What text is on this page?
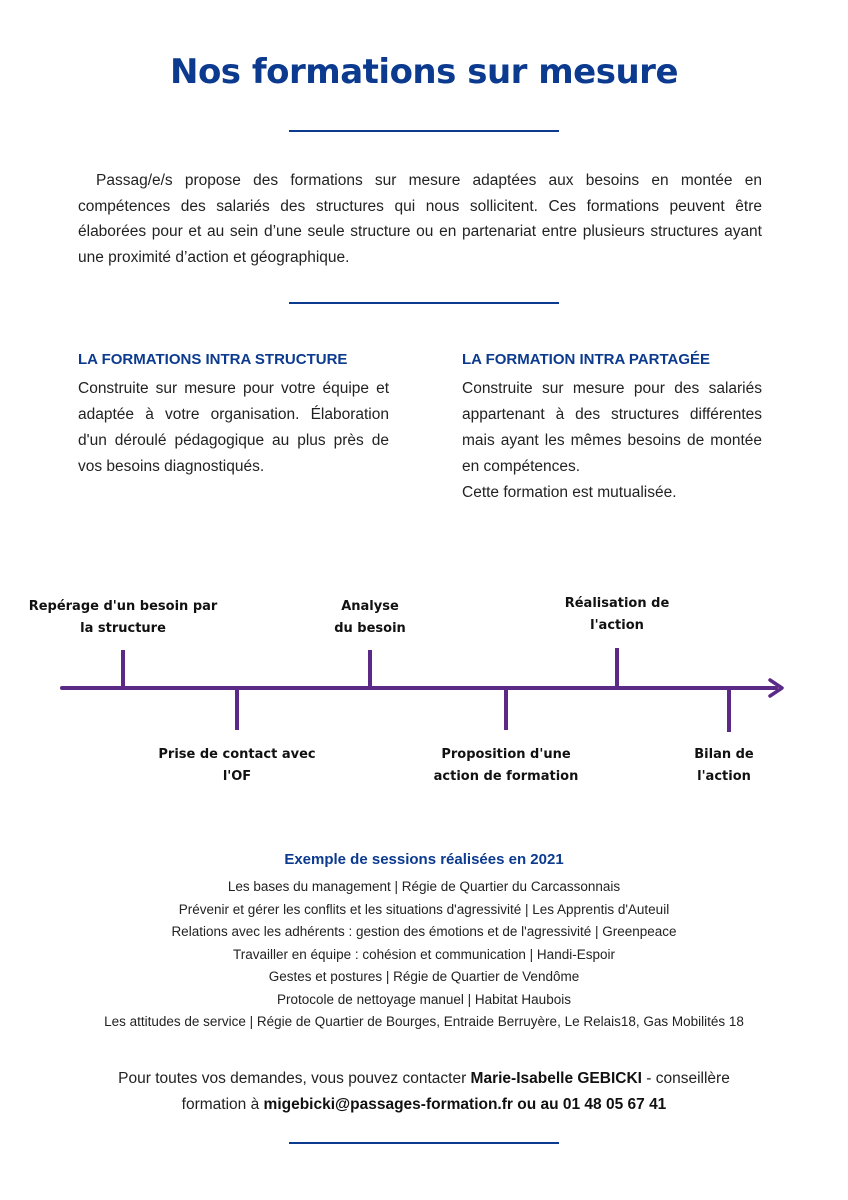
Nos formations sur mesure
Passag/e/s propose des formations sur mesure adaptées aux besoins en montée en compétences des salariés des structures qui nous sollicitent. Ces formations peuvent être élaborées pour et au sein d’une seule structure ou en partenariat entre plusieurs structures ayant une proximité d’action et géographique.
LA FORMATIONS INTRA STRUCTURE

Construite sur mesure pour votre équipe et adaptée à votre organisation. Élaboration d'un déroulé pédagogique au plus près de vos besoins diagnostiqués.

LA FORMATION INTRA PARTAGÉE

Construite sur mesure pour des salariés appartenant à des structures différentes mais ayant les mêmes besoins de montée en compétences.

Cette formation est mutualisée.

Repérage d'un besoin par
la structure
Prise de contact avec
l'OF
Analyse
du besoin
Proposition d'une
action de formation
Réalisation de
l'action
Bilan de
l'action
Exemple de sessions réalisées en 2021
Les bases du management | Régie de Quartier du Carcassonnais
Prévenir et gérer les conflits et les situations d'agressivité | Les Apprentis d'Auteuil
Relations avec les adhérents : gestion des émotions et de l'agressivité | Greenpeace
Travailler en équipe : cohésion et communication | Handi-Espoir
Gestes et postures | Régie de Quartier de Vendôme
Protocole de nettoyage manuel | Habitat Haubois
Les attitudes de service | Régie de Quartier de Bourges, Entraide Berruyère, Le Relais18, Gas Mobilités 18
Pour toutes vos demandes, vous pouvez contacter Marie-Isabelle GEBICKI - conseillère
formation à migebicki@passages-formation.fr ou au 01 48 05 67 41
